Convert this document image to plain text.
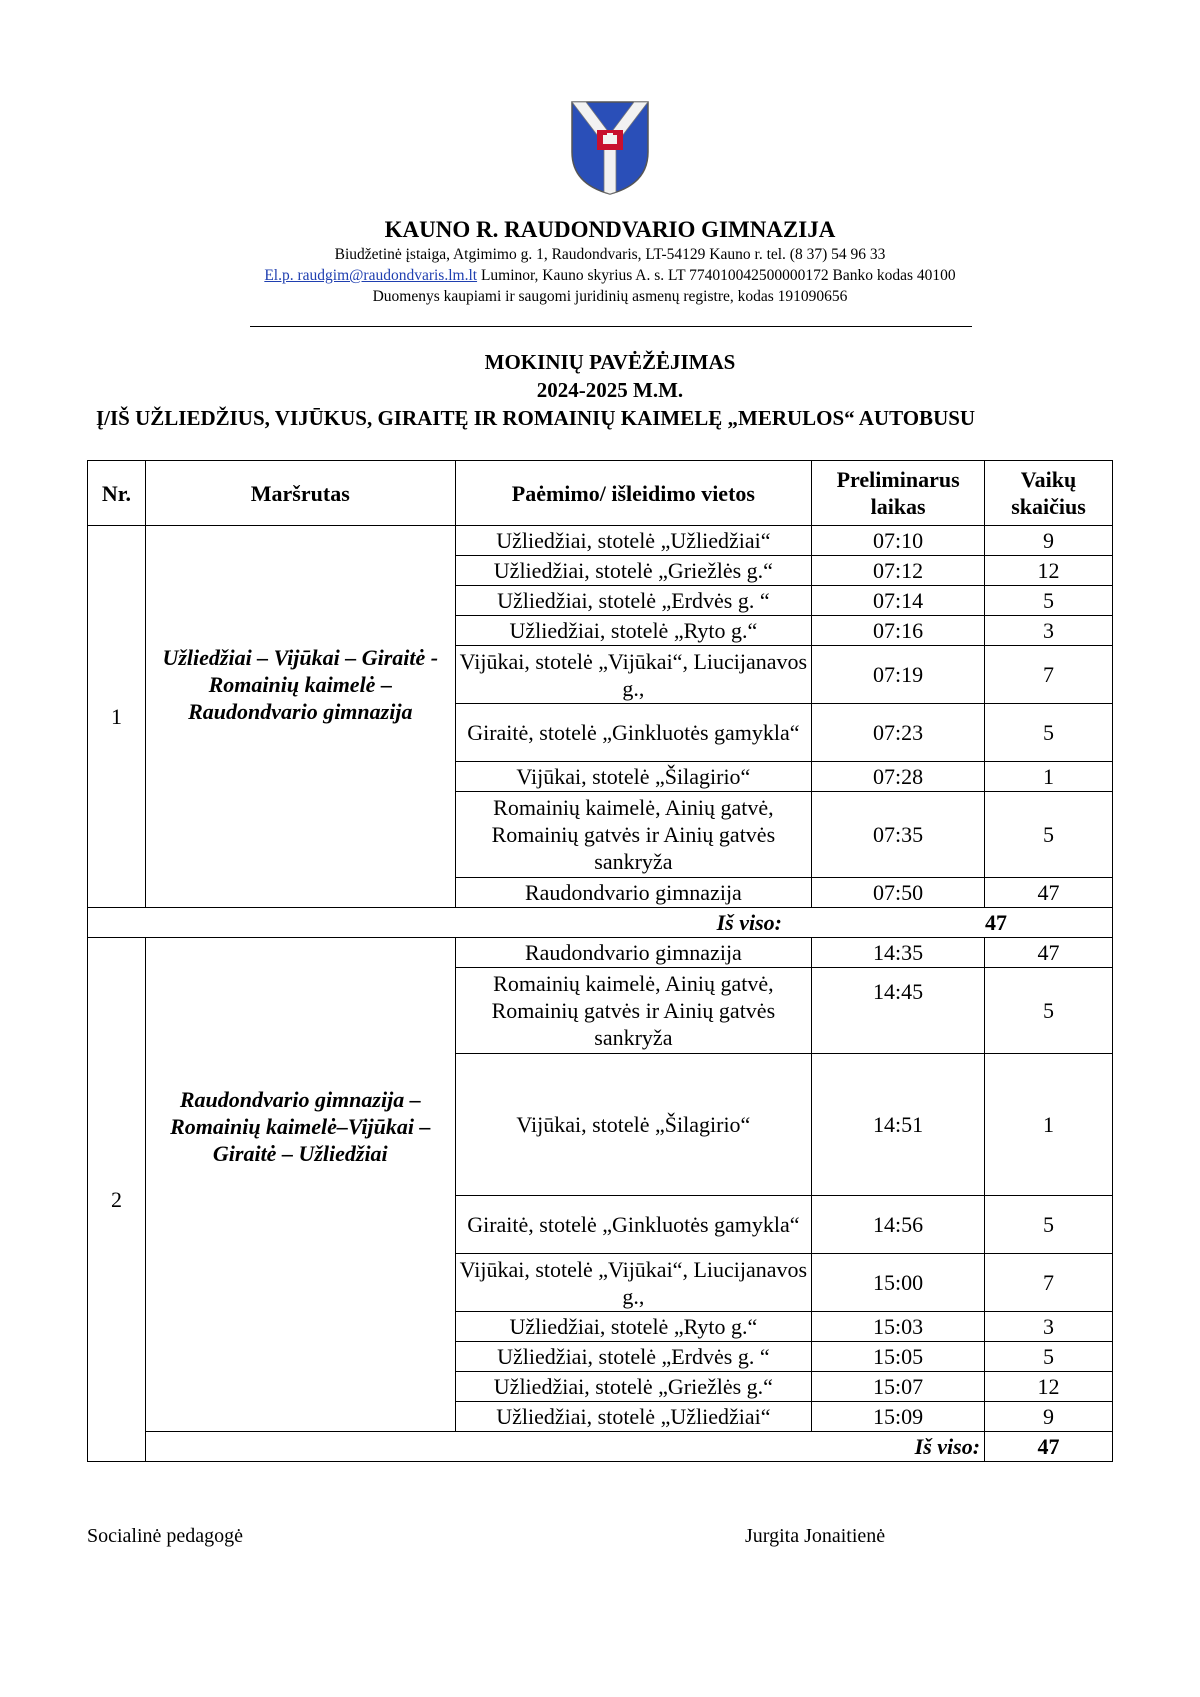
KAUNO R. RAUDONDVARIO GIMNAZIJA
Biudžetinė įstaiga, Atgimimo g. 1, Raudondvaris, LT-54129 Kauno r. tel. (8 37) 54 96 33
El.p. raudgim@raudondvaris.lm.lt Luminor, Kauno skyrius A. s. LT 774010042500000172 Banko kodas 40100
Duomenys kaupiami ir saugomi juridinių asmenų registre, kodas 191090656
MOKINIŲ PAVĖŽĖJIMAS
2024-2025 M.M.
Į/IŠ UŽLIEDŽIUS, VIJŪKUS, GIRAITĘ IR ROMAINIŲ KAIMELĘ „MERULOS“ AUTOBUSU
Nr.	Maršrutas	Paėmimo/ išleidimo vietos	Preliminarus laikas	Vaikų skaičius
1	Užliedžiai – Vijūkai – Giraitė - Romainių kaimelė – Raudondvario gimnazija	Užliedžiai, stotelė „Užliedžiai“	07:10	9
		Užliedžiai, stotelė „Griežlės g.“	07:12	12
		Užliedžiai, stotelė „Erdvės g. “	07:14	5
		Užliedžiai, stotelė „Ryto g.“	07:16	3
		Vijūkai, stotelė „Vijūkai“, Liucijanavos g.,	07:19	7
		Giraitė, stotelė „Ginkluotės gamykla“	07:23	5
		Vijūkai, stotelė „Šilagirio“	07:28	1
		Romainių kaimelė, Ainių gatvė, Romainių gatvės ir Ainių gatvės sankryža	07:35	5
		Raudondvario gimnazija	07:50	47
Iš viso: 47				
2	Raudondvario gimnazija – Romainių kaimelė–Vijūkai – Giraitė – Užliedžiai	Raudondvario gimnazija	14:35	47
		Romainių kaimelė, Ainių gatvė, Romainių gatvės ir Ainių gatvės sankryža	14:45	5
		Vijūkai, stotelė „Šilagirio“	14:51	1
		Giraitė, stotelė „Ginkluotės gamykla“	14:56	5
		Vijūkai, stotelė „Vijūkai“, Liucijanavos g.,	15:00	7
		Užliedžiai, stotelė „Ryto g.“	15:03	3
		Užliedžiai, stotelė „Erdvės g. “	15:05	5
		Užliedžiai, stotelė „Griežlės g.“	15:07	12
		Užliedžiai, stotelė „Užliedžiai“	15:09	9
	Iš viso:			47
Socialinė pedagogė	Jurgita Jonaitienė
